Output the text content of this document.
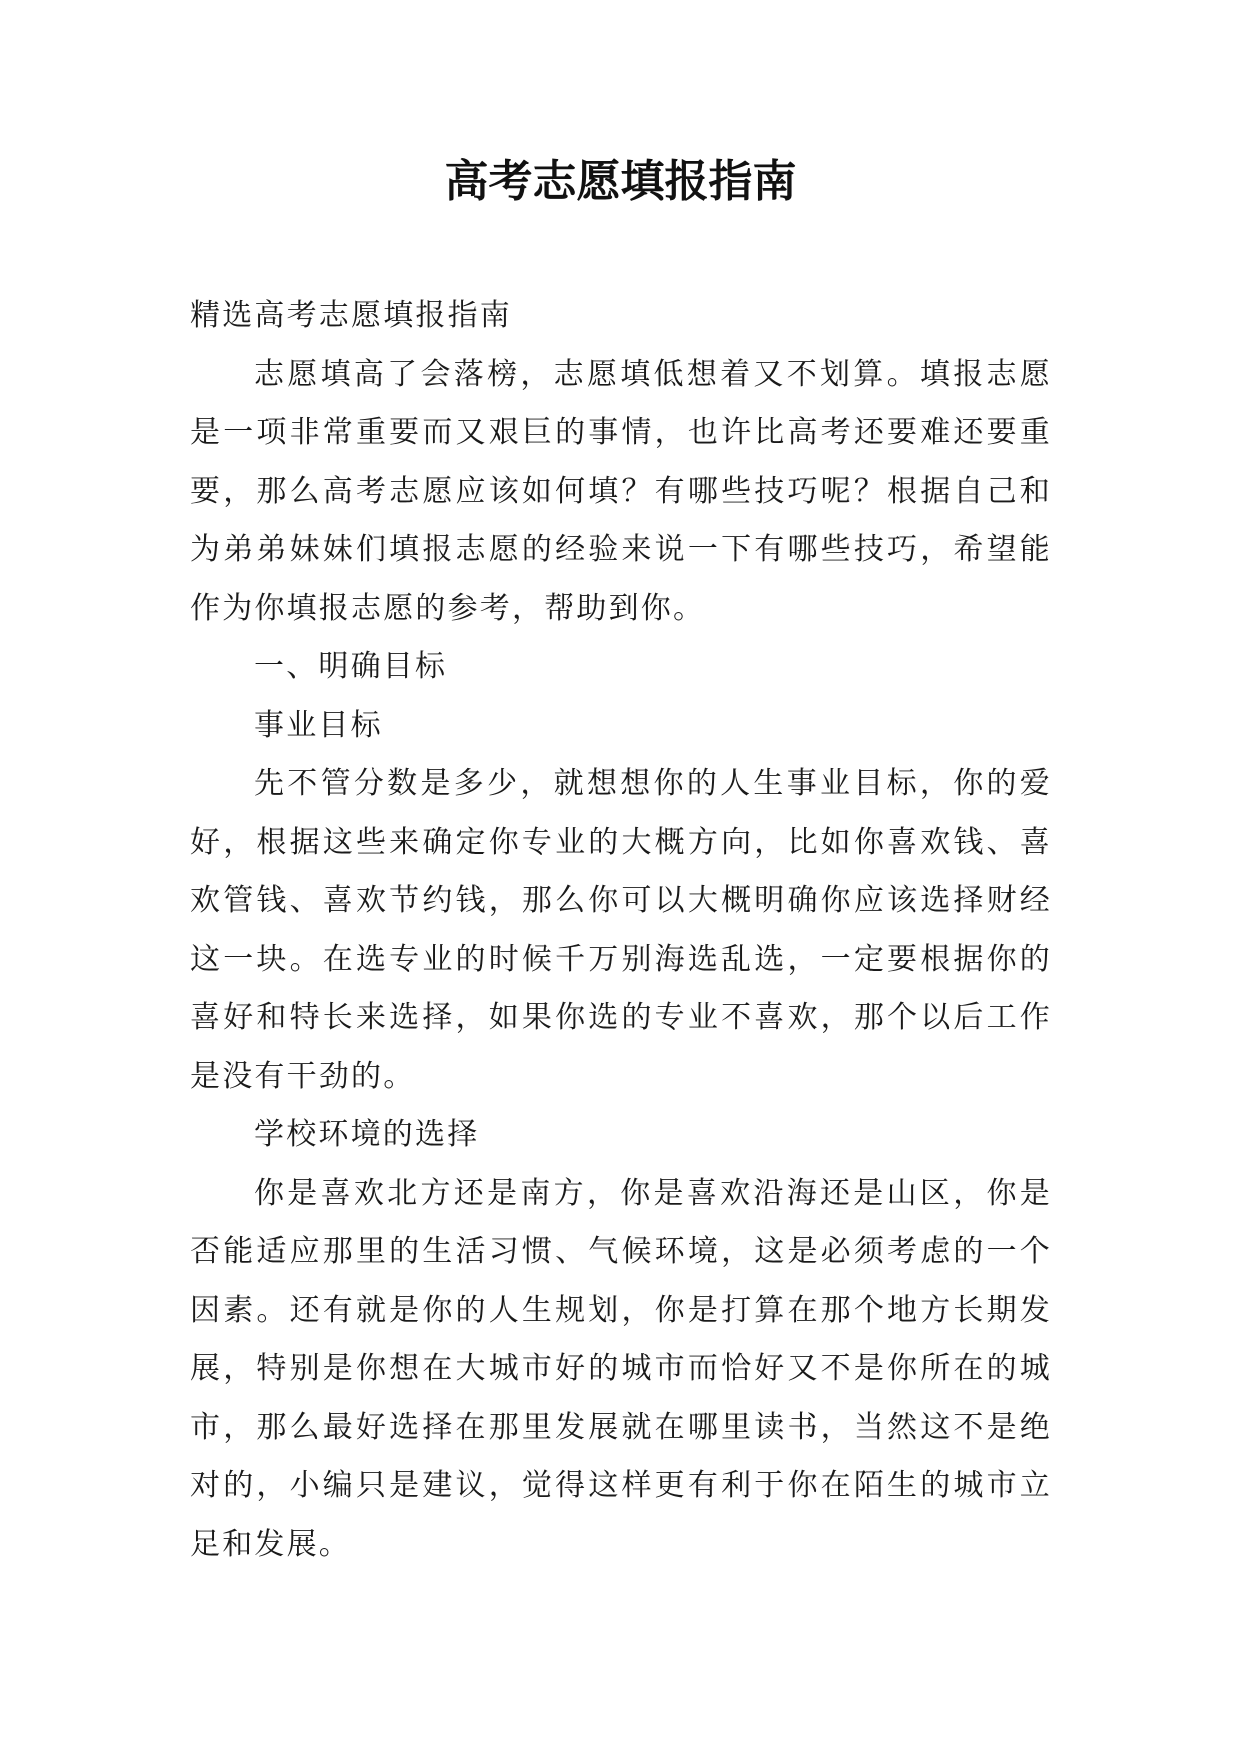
高考志愿填报指南

精选高考志愿填报指南

志愿填高了会落榜，志愿填低想着又不划算。填报志愿是一项非常重要而又艰巨的事情，也许比高考还要难还要重要，那么高考志愿应该如何填？有哪些技巧呢？根据自己和为弟弟妹妹们填报志愿的经验来说一下有哪些技巧，希望能作为你填报志愿的参考，帮助到你。

一、明确目标

事业目标

先不管分数是多少，就想想你的人生事业目标，你的爱好，根据这些来确定你专业的大概方向，比如你喜欢钱、喜欢管钱、喜欢节约钱，那么你可以大概明确你应该选择财经这一块。在选专业的时候千万别海选乱选，一定要根据你的喜好和特长来选择，如果你选的专业不喜欢，那个以后工作是没有干劲的。

学校环境的选择

你是喜欢北方还是南方，你是喜欢沿海还是山区，你是否能适应那里的生活习惯、气候环境，这是必须考虑的一个因素。还有就是你的人生规划，你是打算在那个地方长期发展，特别是你想在大城市好的城市而恰好又不是你所在的城市，那么最好选择在那里发展就在哪里读书，当然这不是绝对的，小编只是建议，觉得这样更有利于你在陌生的城市立足和发展。
